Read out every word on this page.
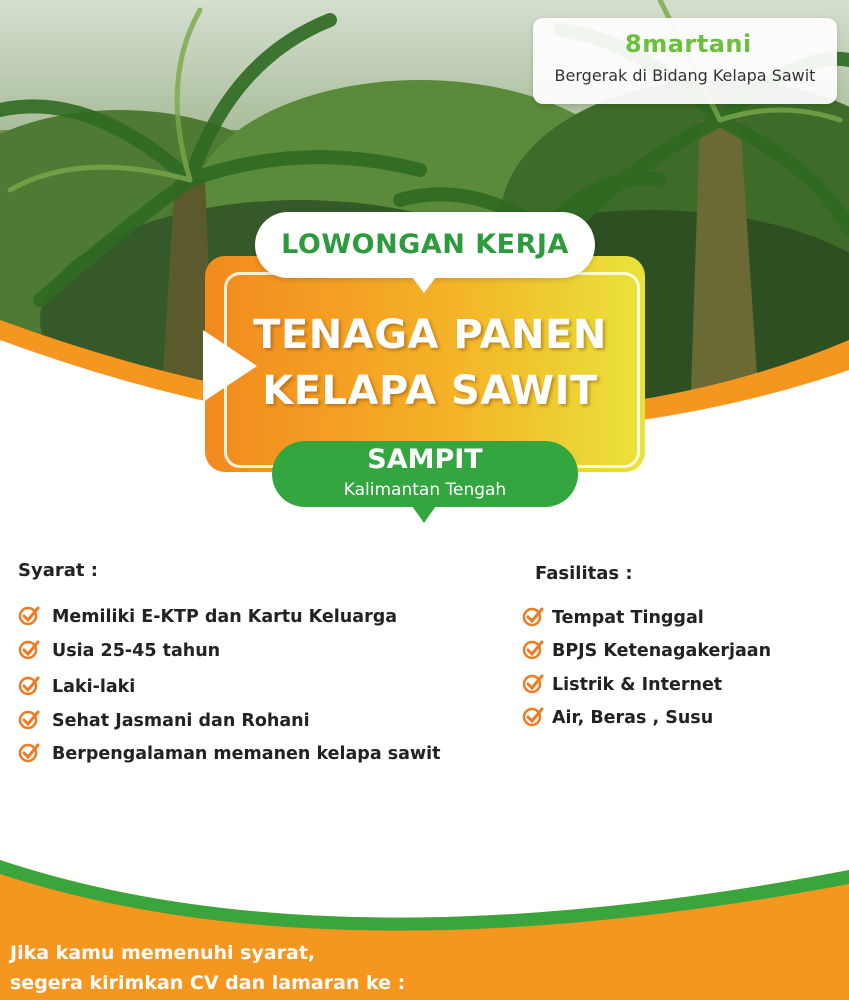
8martani
Bergerak di Bidang Kelapa Sawit
LOWONGAN KERJA
TENAGA PANEN
KELAPA SAWIT
SAMPIT
Kalimantan Tengah
Syarat :
Memiliki E-KTP dan Kartu Keluarga
Usia 25-45 tahun
Laki-laki
Sehat Jasmani dan Rohani
Berpengalaman memanen kelapa sawit
Fasilitas :
Tempat Tinggal
BPJS Ketenagakerjaan
Listrik & Internet
Air, Beras , Susu
Jika kamu memenuhi syarat,
segera kirimkan CV dan lamaran ke :
